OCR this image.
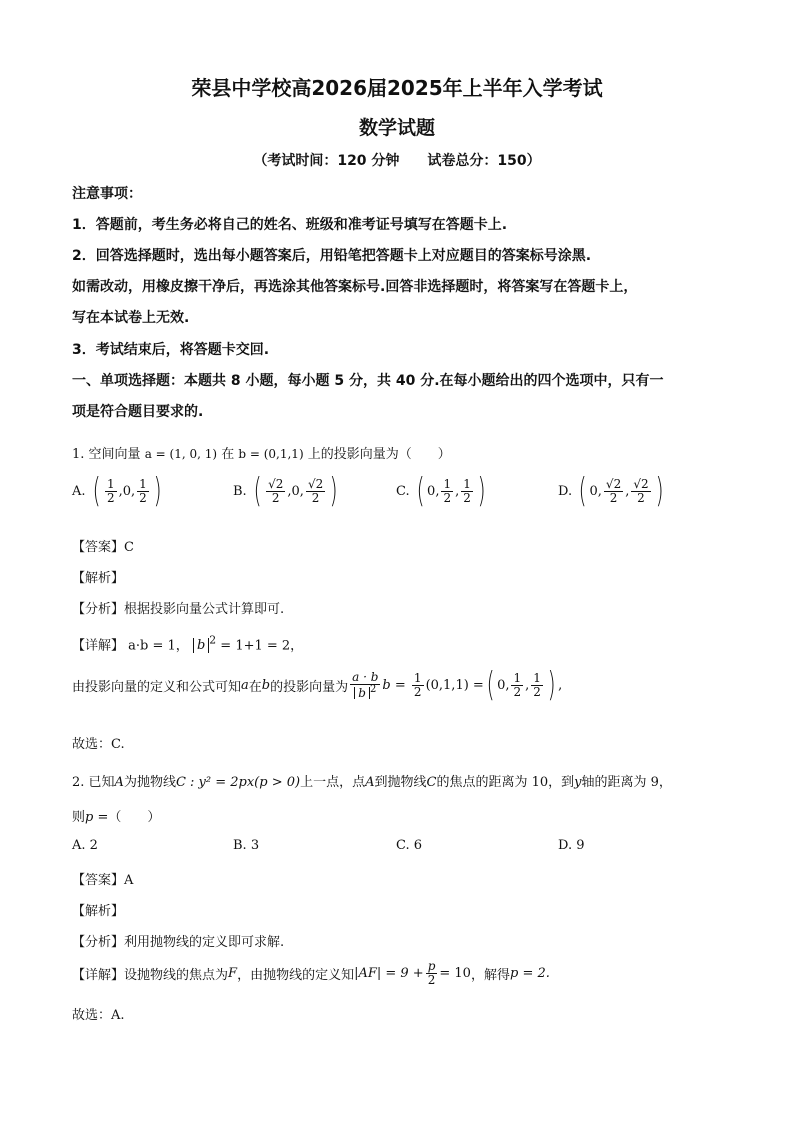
荣县中学校高2026届2025年上半年入学考试
数学试题
（考试时间：120 分钟　　试卷总分：150）
注意事项：
1．答题前，考生务必将自己的姓名、班级和准考证号填写在答题卡上.
2．回答选择题时，选出每小题答案后，用铅笔把答题卡上对应题目的答案标号涂黑.
如需改动，用橡皮擦干净后，再选涂其他答案标号.回答非选择题时，将答案写在答题卡上，
写在本试卷上无效.
3．考试结束后，将答题卡交回.
一、单项选择题：本题共 8 小题，每小题 5 分，共 40 分.在每小题给出的四个选项中，只有一
项是符合题目要求的.
1. 空间向量 a = (1, 0, 1) 在 b = (0,1,1) 上的投影向量为（　　）
A.
( $\frac{1}{2}$ , 0 , $\frac{1}{2}$ )	B.
( $\frac{√2}{2}$ , 0 , $\frac{√2}{2}$ )	C.
( 0 , $\frac{1}{2}$ , $\frac{1}{2}$ )	D.
( 0 , $\frac{√2}{2}$ , $\frac{√2}{2}$ )
【答案】C
【解析】
【分析】根据投影向量公式计算即可.
【详解】 a·b = 1， b $^2$ = 1+1 = 2，
由投影向量的定义和公式可知 a 在 b 的投影向量为 $\frac{a \cdot b}{b ^2}$ $b = \frac{1}{2} (0,1,1)$ = ( 0, $\frac{1}{2}$ , $\frac{1}{2}$ ) ,
故选：C.
2. 已知A为抛物线C : y² = 2px(p > 0)上一点，点A到抛物线C的焦点的距离为 10，到y轴的距离为 9，
则p =（　　）
A. 2	B. 3	C. 6	D. 9
【答案】A
【解析】
【分析】利用抛物线的定义即可求解.
【详解】 设抛物线的焦点为 F ，由抛物线的定义知 $|AF| = 9 + \frac{p}{2} = 10$ ，解得 p = 2.
故选：A.
